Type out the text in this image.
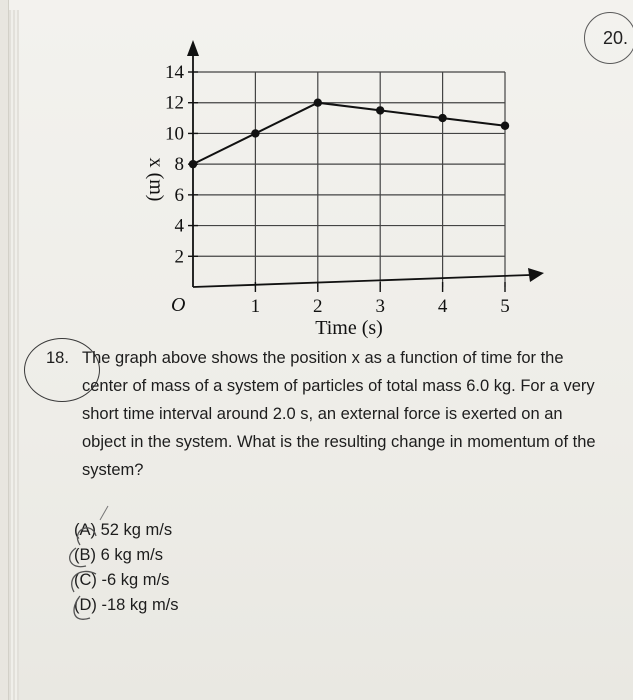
20.
2
4
6
8
10
12
14
1	2	3	4	5
O
Time (s)
x (m)
18. The graph above shows the position x as a function of time for the center of mass of a system of particles of total mass 6.0 kg. For a very short time interval around 2.0 s, an external force is exerted on an object in the system. What is the resulting change in momentum of the system?
(A) 52 kg m/s
(B) 6 kg m/s
(C) -6 kg m/s
(D) -18 kg m/s
